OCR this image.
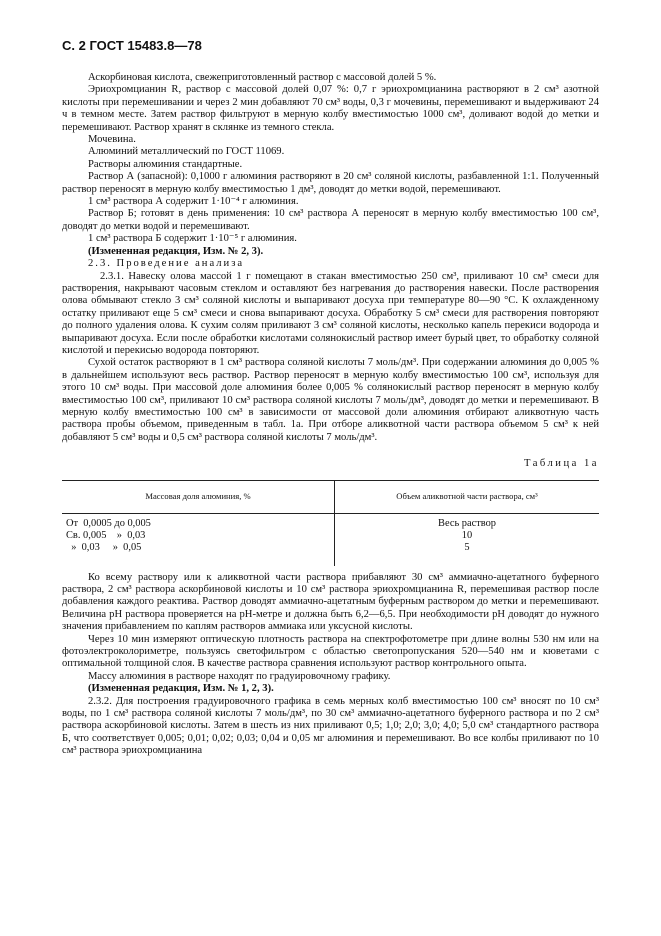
С. 2 ГОСТ 15483.8—78

Аскорбиновая кислота, свежеприготовленный раствор с массовой долей 5 %.

Эриохромцианин R, раствор с массовой долей 0,07 %: 0,7 г эриохромцианина растворяют в 2 см³ азотной кислоты при перемешивании и через 2 мин добавляют 70 см³ воды, 0,3 г мочевины, перемешивают и выдерживают 24 ч в темном месте. Затем раствор фильтруют в мерную колбу вместимостью 1000 см³, доливают водой до метки и перемешивают. Раствор хранят в склянке из темного стекла.

Мочевина.

Алюминий металлический по ГОСТ 11069.

Растворы алюминия стандартные.

Раствор А (запасной): 0,1000 г алюминия растворяют в 20 см³ соляной кислоты, разбавленной 1:1. Полученный раствор переносят в мерную колбу вместимостью 1 дм³, доводят до метки водой, перемешивают.

1 см³ раствора А содержит 1·10⁻⁴ г алюминия.

Раствор Б; готовят в день применения: 10 см³ раствора А переносят в мерную колбу вместимостью 100 см³, доводят до метки водой и перемешивают.

1 см³ раствора Б содержит 1·10⁻⁵ г алюминия.

(Измененная редакция, Изм. № 2, 3).

2.3. Проведение анализа

2.3.1. Навеску олова массой 1 г помещают в стакан вместимостью 250 см³, приливают 10 см³ смеси для растворения, накрывают часовым стеклом и оставляют без нагревания до растворения навески. После растворения олова обмывают стекло 3 см³ соляной кислоты и выпаривают досуха при температуре 80—90 °С. К охлажденному остатку приливают еще 5 см³ смеси и снова выпаривают досуха. Обработку 5 см³ смеси для растворения повторяют до полного удаления олова. К сухим солям приливают 3 см³ соляной кислоты, несколько капель перекиси водорода и выпаривают досуха. Если после обработки кислотами солянокислый раствор имеет бурый цвет, то обработку соляной кислотой и перекисью водорода повторяют.

Сухой остаток растворяют в 1 см³ раствора соляной кислоты 7 моль/дм³. При содержании алюминия до 0,005 % в дальнейшем используют весь раствор. Раствор переносят в мерную колбу вместимостью 100 см³, используя для этого 10 см³ воды. При массовой доле алюминия более 0,005 % солянокислый раствор переносят в мерную колбу вместимостью 100 см³, приливают 10 см³ раствора соляной кислоты 7 моль/дм³, доводят до метки и перемешивают. В мерную колбу вместимостью 100 см³ в зависимости от массовой доли алюминия отбирают аликвотную часть раствора пробы объемом, приведенным в табл. 1а. При отборе аликвотной части раствора объемом 5 см³ к ней добавляют 5 см³ воды и 0,5 см³ раствора соляной кислоты 7 моль/дм³.

Таблица 1а
Массовая доля алюминия, %	Объем аликвотной части раствора, см³
От  0,0005 до 0,005	Весь раствор
Св. 0,005    »  0,03	10
»  0,03     »  0,05	5

Ко всему раствору или к аликвотной части раствора прибавляют 30 см³ аммиачно-ацетатного буферного раствора, 2 см³ раствора аскорбиновой кислоты и 10 см³ раствора эриохромцианина R, перемешивая раствор после добавления каждого реактива. Раствор доводят аммиачно-ацетатным буферным раствором до метки и перемешивают. Величина pH раствора проверяется на pH-метре и должна быть 6,2—6,5. При необходимости pH доводят до нужного значения прибавлением по каплям растворов аммиака или уксусной кислоты.

Через 10 мин измеряют оптическую плотность раствора на спектрофотометре при длине волны 530 нм или на фотоэлектроколориметре, пользуясь светофильтром с областью светопропускания 520—540 нм и кюветами с оптимальной толщиной слоя. В качестве раствора сравнения используют раствор контрольного опыта.

Массу алюминия в растворе находят по градуировочному графику.

(Измененная редакция, Изм. № 1, 2, 3).

2.3.2. Для построения градуировочного графика в семь мерных колб вместимостью 100 см³ вносят по 10 см³ воды, по 1 см³ раствора соляной кислоты 7 моль/дм³, по 30 см³ аммиачно-ацетатного буферного раствора и по 2 см³ раствора аскорбиновой кислоты. Затем в шесть из них приливают 0,5; 1,0; 2,0; 3,0; 4,0; 5,0 см³ стандартного раствора Б, что соответствует 0,005; 0,01; 0,02; 0,03; 0,04 и 0,05 мг алюминия и перемешивают. Во все колбы приливают по 10 см³ раствора эриохромцианина
